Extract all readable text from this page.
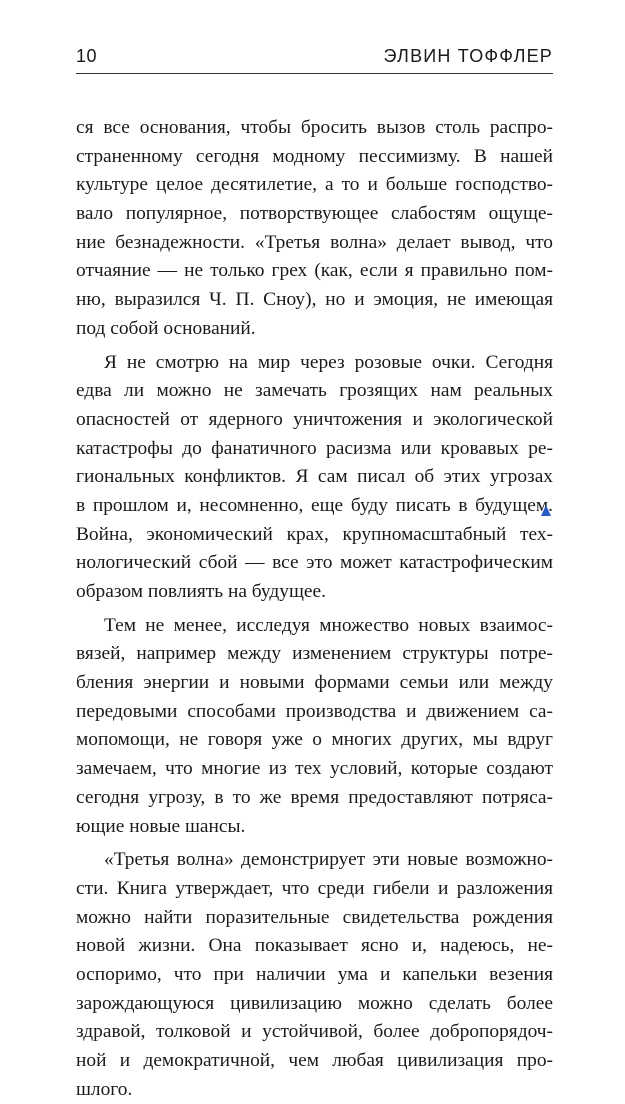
10	ЭЛВИН ТОФФЛЕР
ся все основания, чтобы бросить вызов столь распро-
страненному сегодня модному пессимизму. В нашей
культуре целое десятилетие, а то и больше господство-
вало популярное, потворствующее слабостям ощуще-
ние безнадежности. «Третья волна» делает вывод, что
отчаяние — не только грех (как, если я правильно пом-
ню, выразился Ч. П. Сноу), но и эмоция, не имеющая
под собой оснований.
Я не смотрю на мир через розовые очки. Сегодня
едва ли можно не замечать грозящих нам реальных
опасностей от ядерного уничтожения и экологической
катастрофы до фанатичного расизма или кровавых ре-
гиональных конфликтов. Я сам писал об этих угрозах
в прошлом и, несомненно, еще буду писать в будущем.
Война, экономический крах, крупномасштабный тех-
нологический сбой — все это может катастрофическим
образом повлиять на будущее.
Тем не менее, исследуя множество новых взаимос-
вязей, например между изменением структуры потре-
бления энергии и новыми формами семьи или между
передовыми способами производства и движением са-
мопомощи, не говоря уже о многих других, мы вдруг
замечаем, что многие из тех условий, которые создают
сегодня угрозу, в то же время предоставляют потряса-
ющие новые шансы.
«Третья волна» демонстрирует эти новые возможно-
сти. Книга утверждает, что среди гибели и разложения
можно найти поразительные свидетельства рождения
новой жизни. Она показывает ясно и, надеюсь, не-
оспоримо, что при наличии ума и капельки везения
зарождающуюся цивилизацию можно сделать более
здравой, толковой и устойчивой, более добропорядоч-
ной и демократичной, чем любая цивилизация про-
шлого.
